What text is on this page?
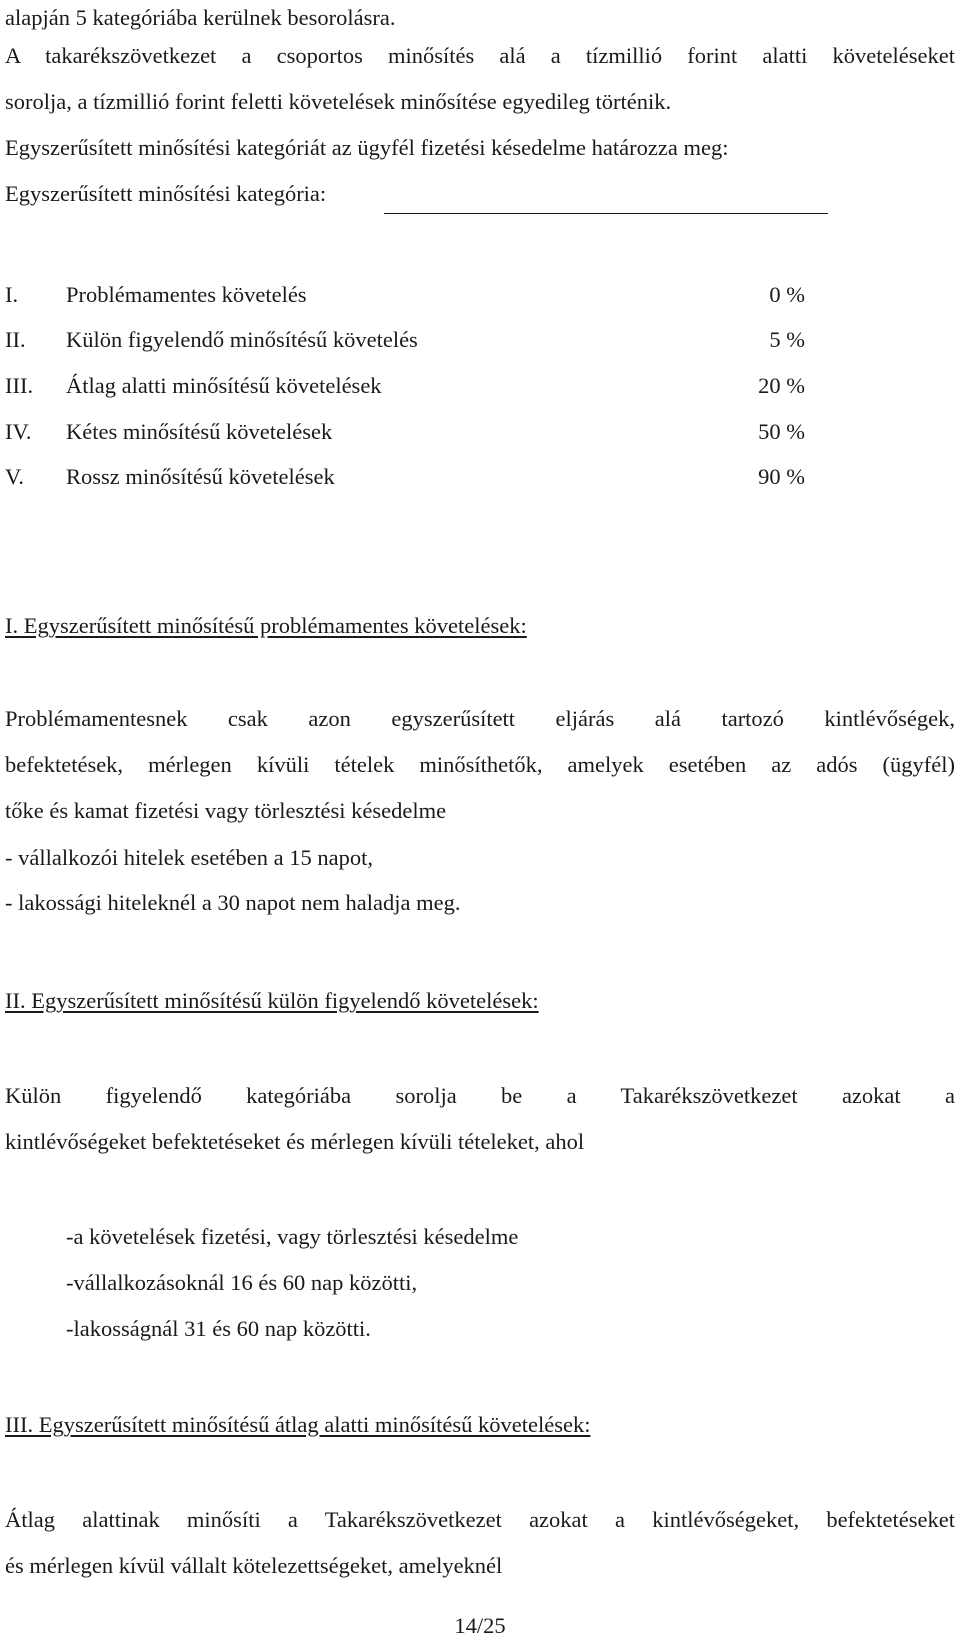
alapján 5 kategóriába kerülnek besorolásra.
A takarékszövetkezet a csoportos minősítés alá a tízmillió forint alatti követeléseket
sorolja, a tízmillió forint feletti követelések minősítése egyedileg történik.
Egyszerűsített minősítési kategóriát az ügyfél fizetési késedelme határozza meg:
Egyszerűsített minősítési kategória:
I. Problémamentes követelés	0 %
II. Külön figyelendő minősítésű követelés	5 %
III. Átlag alatti minősítésű követelések	20 %
IV. Kétes minősítésű követelések	50 %
V. Rossz minősítésű követelések	90 %
I. Egyszerűsített minősítésű problémamentes követelések:
Problémamentesnek csak azon egyszerűsített eljárás alá tartozó kintlévőségek,
befektetések, mérlegen kívüli tételek minősíthetők, amelyek esetében az adós (ügyfél)
tőke és kamat fizetési vagy törlesztési késedelme
- vállalkozói hitelek esetében a 15 napot,
- lakossági hiteleknél a 30 napot nem haladja meg.
II. Egyszerűsített minősítésű külön figyelendő követelések:
Külön figyelendő kategóriába sorolja be a Takarékszövetkezet azokat a
kintlévőségeket befektetéseket és mérlegen kívüli tételeket, ahol
-a követelések fizetési, vagy törlesztési késedelme
-vállalkozásoknál 16 és 60 nap közötti,
-lakosságnál 31 és 60 nap közötti.
III. Egyszerűsített minősítésű átlag alatti minősítésű követelések:
Átlag alattinak minősíti a Takarékszövetkezet azokat a kintlévőségeket, befektetéseket
és mérlegen kívül vállalt kötelezettségeket, amelyeknél
14/25
